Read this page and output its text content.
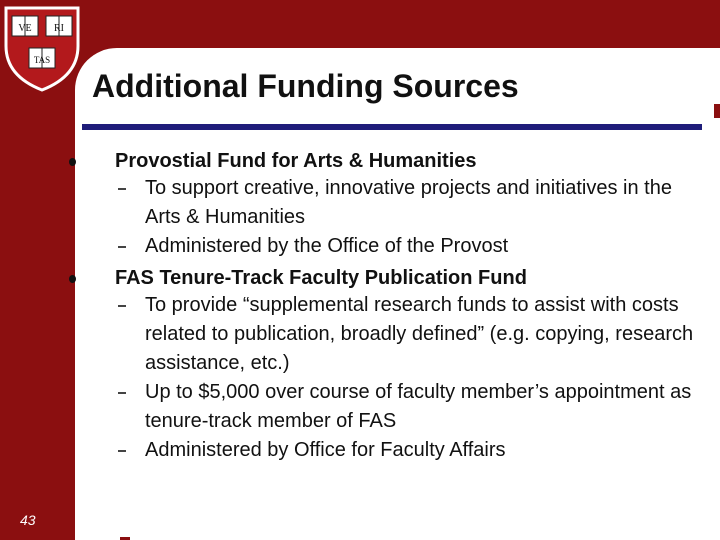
VE RI
TAS
Additional Funding Sources
Provostial Fund for Arts & Humanities
To support creative, innovative projects and initiatives in the Arts & Humanities
Administered by the Office of the Provost
FAS Tenure-Track Faculty Publication Fund
To provide “supplemental research funds to assist with costs related to publication, broadly defined” (e.g. copying, research assistance, etc.)
Up to $5,000 over course of faculty member’s appointment as tenure-track member of FAS
Administered by Office for Faculty Affairs
43
